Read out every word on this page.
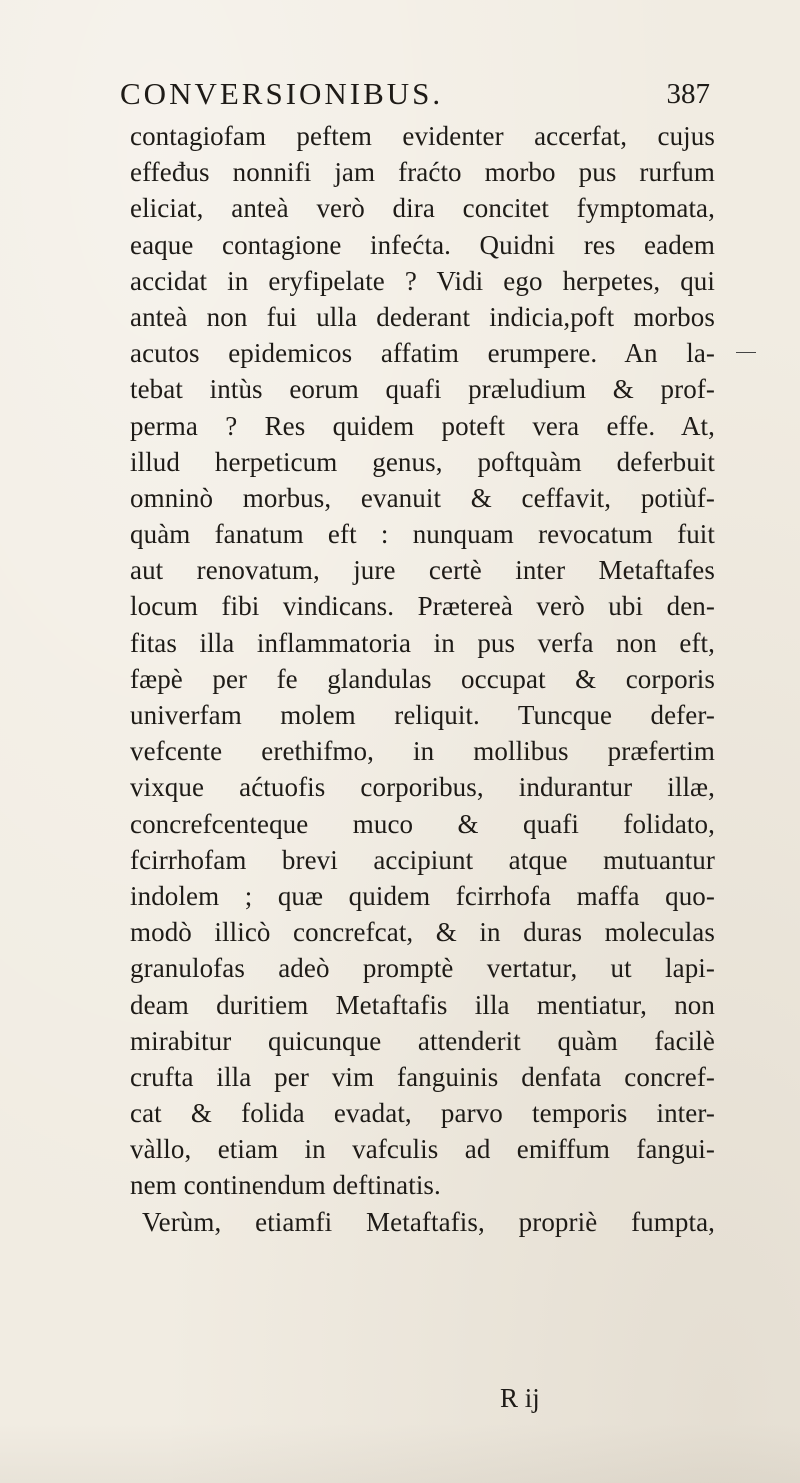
CONVERSIONIBUS.	387
contagiofam peftem evidenter accerfat, cujus
effeđus nonnifi jam fraćto morbo pus rurfum
eliciat, anteà verò dira concitet fymptomata,
eaque contagione infećta. Quidni res eadem
accidat in eryfipelate ? Vidi ego herpetes, qui
anteà non fui ulla dederant indicia,poft morbos
acutos epidemicos affatim erumpere. An la-
tebat intùs eorum quafi præludium & prof-
perma ? Res quidem poteft vera effe. At,
illud herpeticum genus, poftquàm deferbuit
omninò morbus, evanuit & ceffavit, potiùf-
quàm fanatum eft : nunquam revocatum fuit
aut renovatum, jure certè inter Metaftafes
locum fibi vindicans. Prætereà verò ubi den-
fitas illa inflammatoria in pus verfa non eft,
fæpè per fe glandulas occupat & corporis
univerfam molem reliquit. Tuncque defer-
vefcente erethifmo, in mollibus præfertim
vixque aćtuofis corporibus, indurantur illæ,
concrefcenteque muco & quafi folidato,
fcirrhofam brevi accipiunt atque mutuantur
indolem ; quæ quidem fcirrhofa maffa quo-
modò illicò concrefcat, & in duras moleculas
granulofas adeò promptè vertatur, ut lapi-
deam duritiem Metaftafis illa mentiatur, non
mirabitur quicunque attenderit quàm facilè
crufta illa per vim fanguinis denfata concref-
cat & folida evadat, parvo temporis inter-
vàllo, etiam in vafculis ad emiffum fangui-
nem continendum deftinatis.
Verùm, etiamfi Metaftafis, propriè fumpta,
R ij
